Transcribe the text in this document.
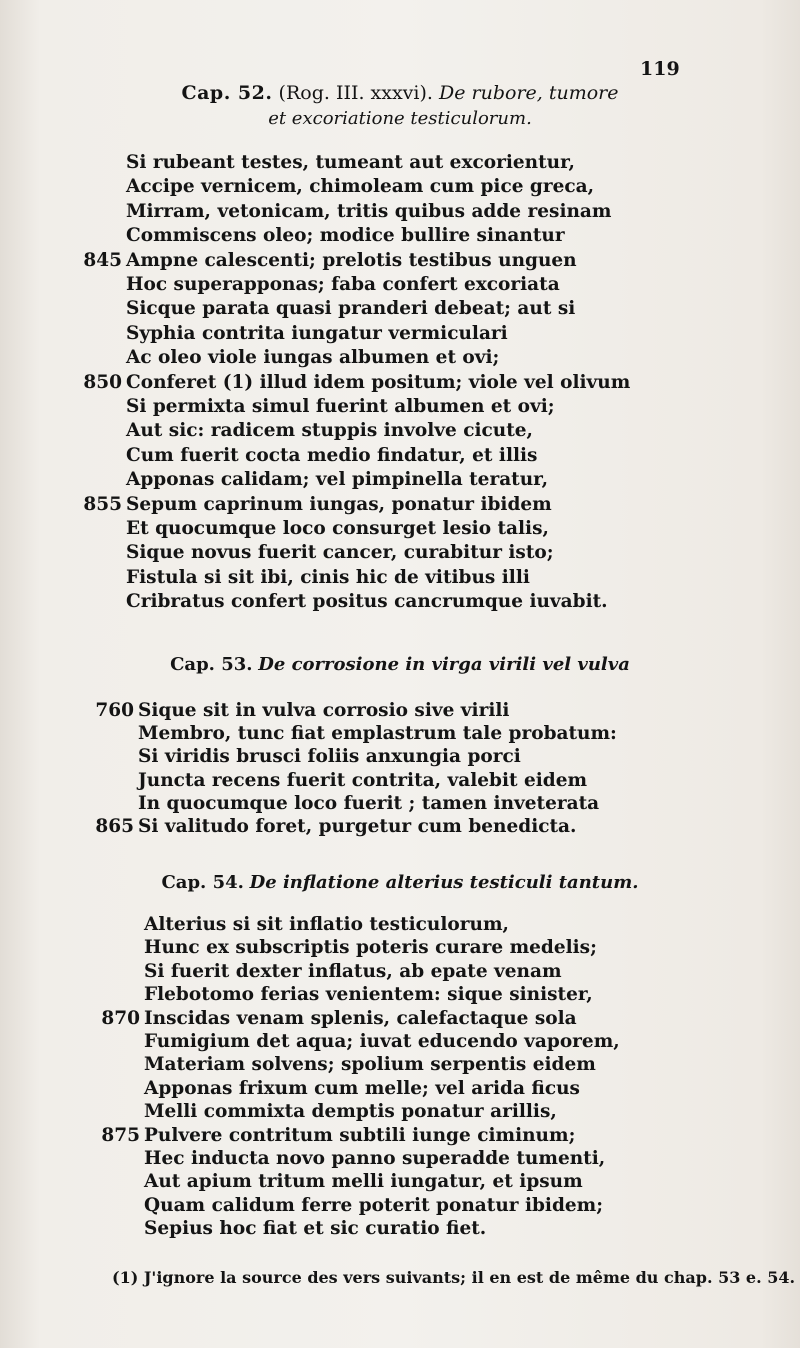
119
Cap. 52. (Rog. III. xxxvi). De rubore, tumore
et excoriatione testiculorum.
Si rubeant testes, tumeant aut excorientur,
Accipe vernicem, chimoleam cum pice greca,
Mirram, vetonicam, tritis quibus adde resinam
Commiscens oleo; modice bullire sinantur
845 Ampne calescenti; prelotis testibus unguen
Hoc superapponas; faba confert excoriata
Sicque parata quasi pranderi debeat; aut si
Syphia contrita iungatur vermiculari
Ac oleo viole iungas albumen et ovi;
850 Conferet (1) illud idem positum; viole vel olivum
Si permixta simul fuerint albumen et ovi;
Aut sic: radicem stuppis involve cicute,
Cum fuerit cocta medio findatur, et illis
Apponas calidam; vel pimpinella teratur,
855 Sepum caprinum iungas, ponatur ibidem
Et quocumque loco consurget lesio talis,
Sique novus fuerit cancer, curabitur isto;
Fistula si sit ibi, cinis hic de vitibus illi
Cribratus confert positus cancrumque iuvabit.
Cap. 53. De corrosione in virga virili vel vulva
760 Sique sit in vulva corrosio sive virili
Membro, tunc fiat emplastrum tale probatum:
Si viridis brusci foliis anxungia porci
Juncta recens fuerit contrita, valebit eidem
In quocumque loco fuerit ; tamen inveterata
865 Si valitudo foret, purgetur cum benedicta.
Cap. 54. De inflatione alterius testiculi tantum.
Alterius si sit inflatio testiculorum,
Hunc ex subscriptis poteris curare medelis;
Si fuerit dexter inflatus, ab epate venam
Flebotomo ferias venientem: sique sinister,
870 Inscidas venam splenis, calefactaque sola
Fumigium det aqua; iuvat educendo vaporem,
Materiam solvens; spolium serpentis eidem
Apponas frixum cum melle; vel arida ficus
Melli commixta demptis ponatur arillis,
875 Pulvere contritum subtili iunge ciminum;
Hec inducta novo panno superadde tumenti,
Aut apium tritum melli iungatur, et ipsum
Quam calidum ferre poterit ponatur ibidem;
Sepius hoc fiat et sic curatio fiet.
(1) J'ignore la source des vers suivants; il en est de même du chap. 53 e. 54.
